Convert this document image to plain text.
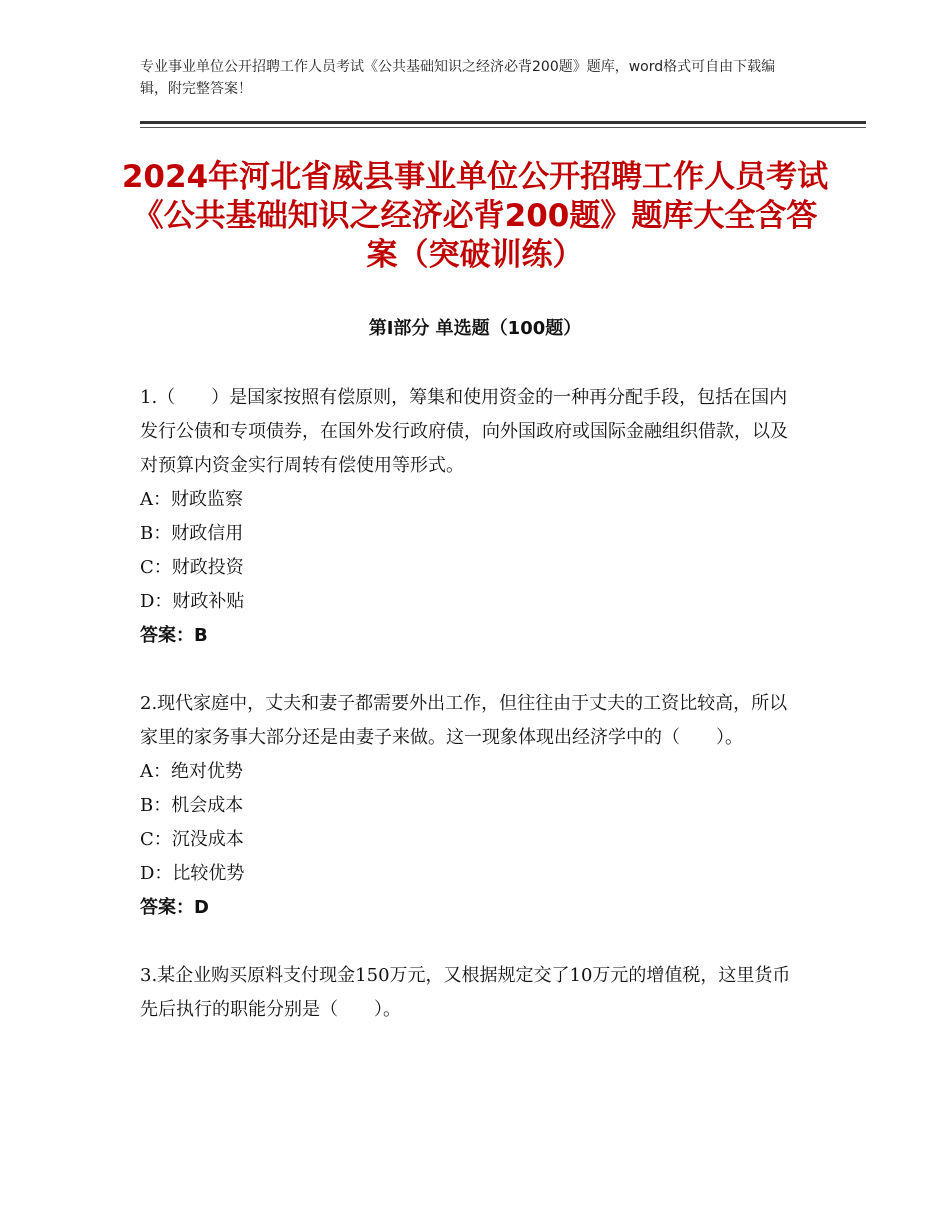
专业事业单位公开招聘工作人员考试《公共基础知识之经济必背200题》题库，word格式可自由下载编辑，附完整答案！
2024年河北省威县事业单位公开招聘工作人员考试《公共基础知识之经济必背200题》题库大全含答案（突破训练）
第Ⅰ部分 单选题（100题）

1.（　　）是国家按照有偿原则，筹集和使用资金的一种再分配手段，包括在国内发行公债和专项债券，在国外发行政府债，向外国政府或国际金融组织借款，以及对预算内资金实行周转有偿使用等形式。

A：财政监察

B：财政信用

C：财政投资

D：财政补贴

答案：B

2.现代家庭中，丈夫和妻子都需要外出工作，但往往由于丈夫的工资比较高，所以家里的家务事大部分还是由妻子来做。这一现象体现出经济学中的（　　）。

A：绝对优势

B：机会成本

C：沉没成本

D：比较优势

答案：D

3.某企业购买原料支付现金150万元，又根据规定交了10万元的增值税，这里货币先后执行的职能分别是（　　）。
